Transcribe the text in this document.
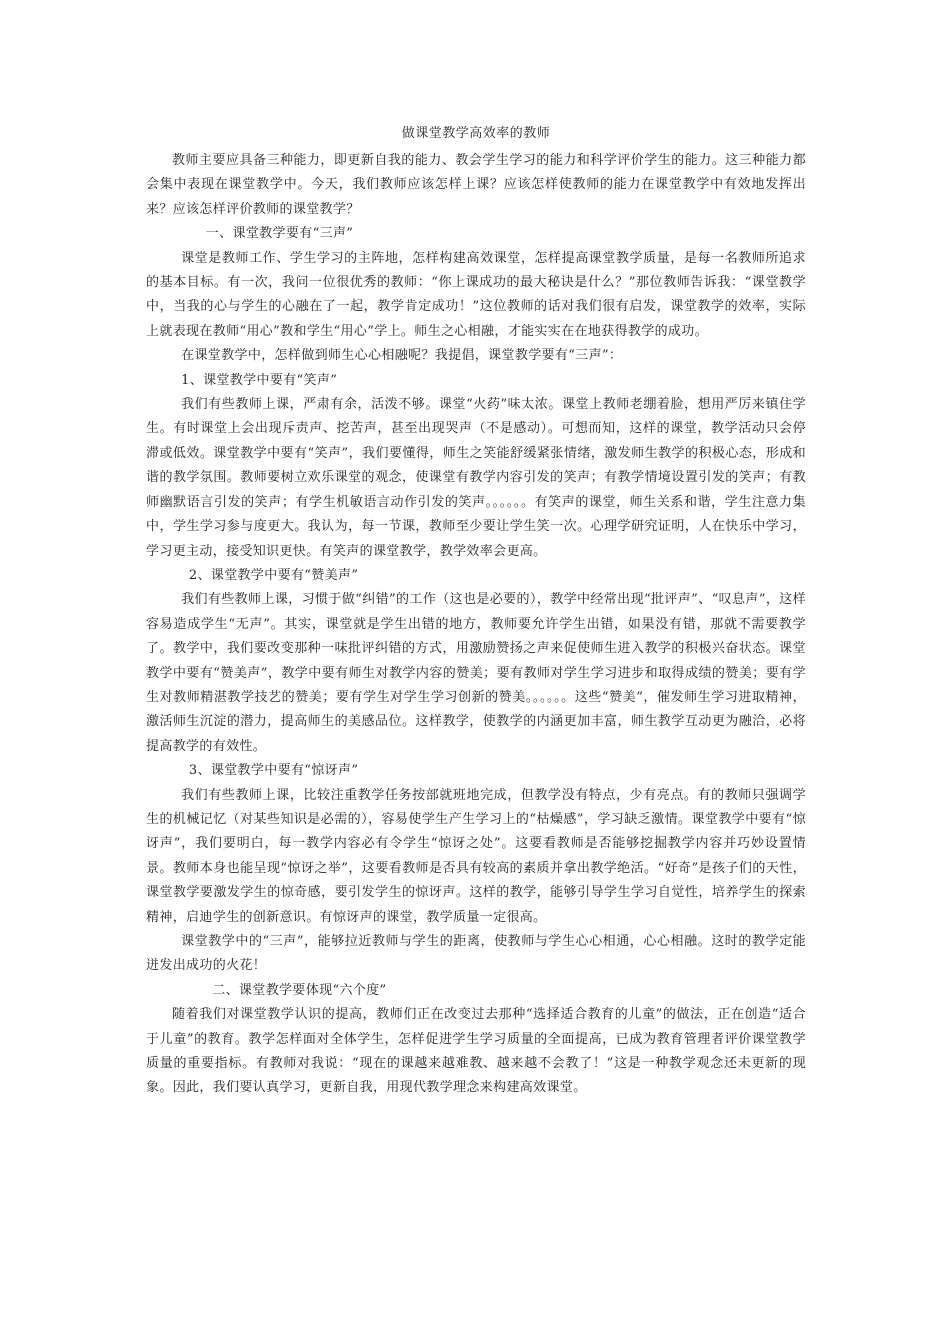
做课堂教学高效率的教师

教师主要应具备三种能力，即更新自我的能力、教会学生学习的能力和科学评价学生的能力。这三种能力都会集中表现在课堂教学中。今天，我们教师应该怎样上课？应该怎样使教师的能力在课堂教学中有效地发挥出来？应该怎样评价教师的课堂教学？

一、课堂教学要有“三声”

课堂是教师工作、学生学习的主阵地，怎样构建高效课堂，怎样提高课堂教学质量，是每一名教师所追求的基本目标。有一次，我问一位很优秀的教师：“你上课成功的最大秘诀是什么？”那位教师告诉我：“课堂教学中，当我的心与学生的心融在了一起，教学肯定成功！”这位教师的话对我们很有启发，课堂教学的效率，实际上就表现在教师“用心”教和学生“用心”学上。师生之心相融，才能实实在在地获得教学的成功。

在课堂教学中，怎样做到师生心心相融呢？我提倡，课堂教学要有“三声”：

1、课堂教学中要有“笑声”

我们有些教师上课，严肃有余，活泼不够。课堂“火药”味太浓。课堂上教师老绷着脸，想用严厉来镇住学生。有时课堂上会出现斥责声、挖苦声，甚至出现哭声（不是感动）。可想而知，这样的课堂，教学活动只会停滞或低效。课堂教学中要有“笑声”，我们要懂得，师生之笑能舒缓紧张情绪，激发师生教学的积极心态，形成和谐的教学氛围。教师要树立欢乐课堂的观念，使课堂有教学内容引发的笑声；有教学情境设置引发的笑声；有教师幽默语言引发的笑声；有学生机敏语言动作引发的笑声。。。。。。有笑声的课堂，师生关系和谐，学生注意力集中，学生学习参与度更大。我认为，每一节课，教师至少要让学生笑一次。心理学研究证明，人在快乐中学习，学习更主动，接受知识更快。有笑声的课堂教学，教学效率会更高。

2、课堂教学中要有“赞美声”

我们有些教师上课，习惯于做“纠错”的工作（这也是必要的），教学中经常出现“批评声”、“叹息声”，这样容易造成学生“无声”。其实，课堂就是学生出错的地方，教师要允许学生出错，如果没有错，那就不需要教学了。教学中，我们要改变那种一味批评纠错的方式，用激励赞扬之声来促使师生进入教学的积极兴奋状态。课堂教学中要有“赞美声”，教学中要有师生对教学内容的赞美；要有教师对学生学习进步和取得成绩的赞美；要有学生对教师精湛教学技艺的赞美；要有学生对学生学习创新的赞美。。。。。。这些“赞美”，催发师生学习进取精神，激活师生沉淀的潜力，提高师生的美感品位。这样教学，使教学的内涵更加丰富，师生教学互动更为融洽，必将提高教学的有效性。

3、课堂教学中要有“惊讶声”

我们有些教师上课，比较注重教学任务按部就班地完成，但教学没有特点，少有亮点。有的教师只强调学生的机械记忆（对某些知识是必需的），容易使学生产生学习上的“枯燥感”，学习缺乏激情。课堂教学中要有“惊讶声”，我们要明白，每一教学内容必有令学生“惊讶之处”。这要看教师是否能够挖掘教学内容并巧妙设置情景。教师本身也能呈现“惊讶之举”，这要看教师是否具有较高的素质并拿出教学绝活。“好奇”是孩子们的天性，课堂教学要激发学生的惊奇感，要引发学生的惊讶声。这样的教学，能够引导学生学习自觉性，培养学生的探索精神，启迪学生的创新意识。有惊讶声的课堂，教学质量一定很高。

课堂教学中的“三声”，能够拉近教师与学生的距离，使教师与学生心心相通，心心相融。这时的教学定能迸发出成功的火花！

二、课堂教学要体现“六个度”

随着我们对课堂教学认识的提高，教师们正在改变过去那种“选择适合教育的儿童”的做法，正在创造“适合于儿童”的教育。教学怎样面对全体学生，怎样促进学生学习质量的全面提高，已成为教育管理者评价课堂教学质量的重要指标。有教师对我说：“现在的课越来越难教、越来越不会教了！”这是一种教学观念还未更新的现象。因此，我们要认真学习，更新自我，用现代教学理念来构建高效课堂。
